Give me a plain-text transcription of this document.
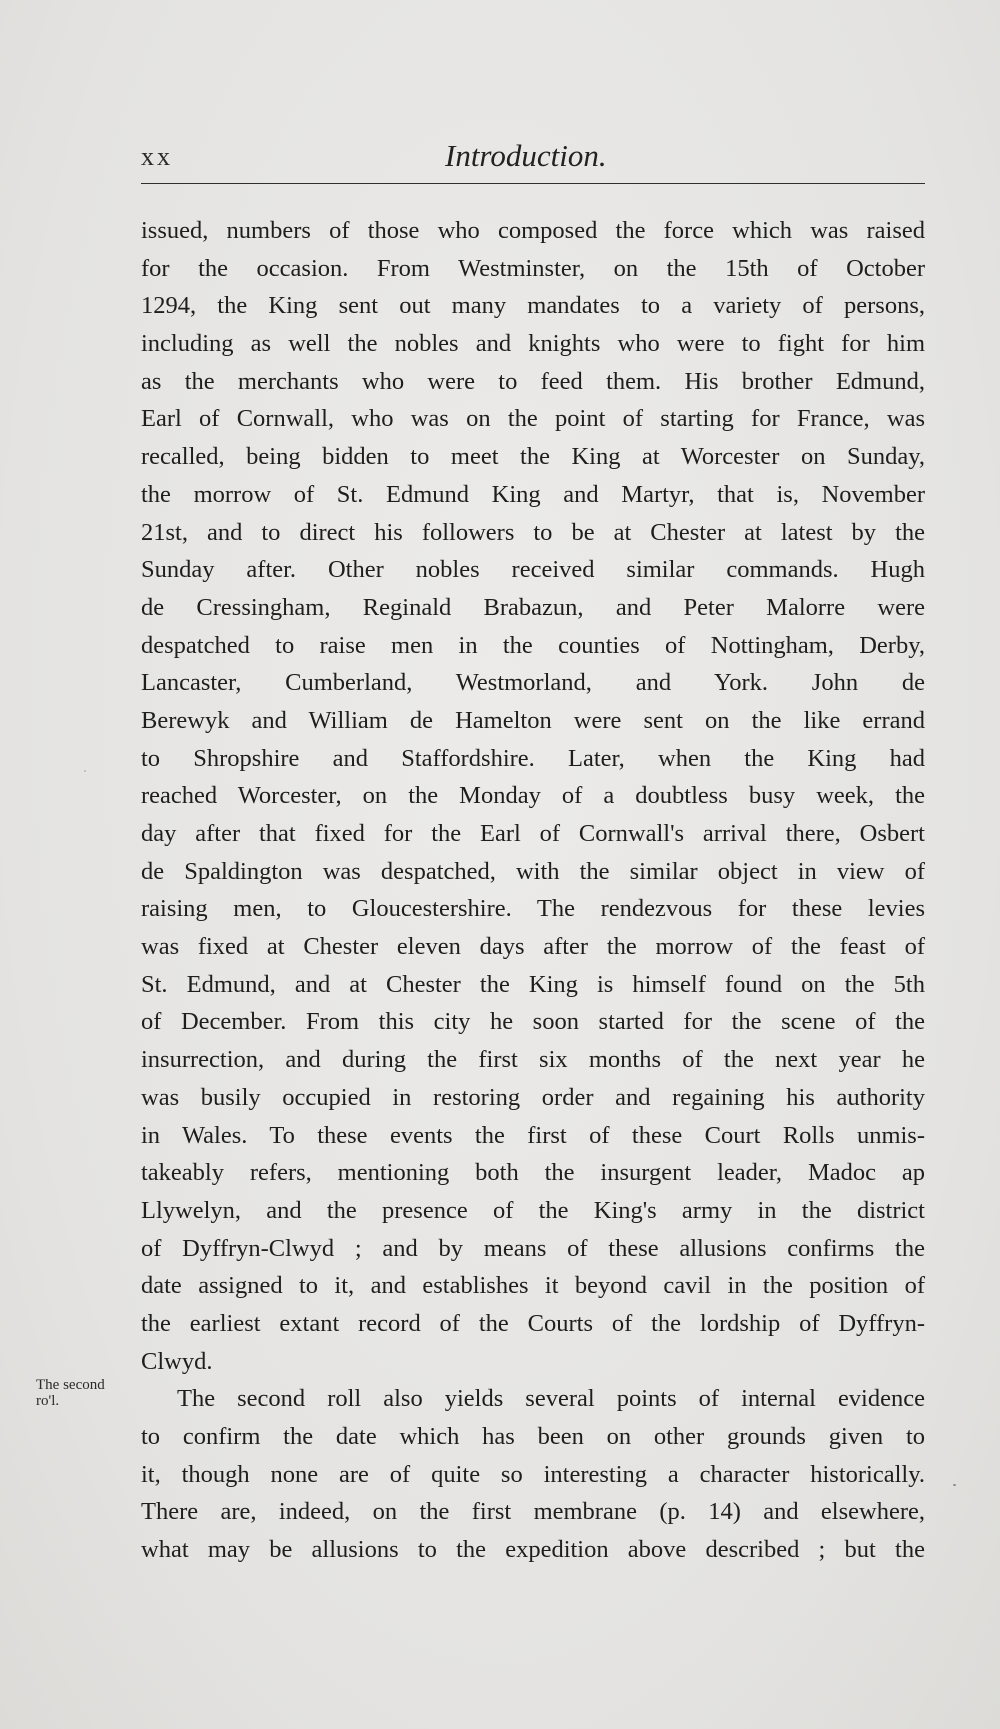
xx	Introduction.
The second
ro'l.
issued, numbers of those who composed the force which was raised
for the occasion. From Westminster, on the 15th of October
1294, the King sent out many mandates to a variety of persons,
including as well the nobles and knights who were to fight for him
as the merchants who were to feed them. His brother Edmund,
Earl of Cornwall, who was on the point of starting for France, was
recalled, being bidden to meet the King at Worcester on Sunday,
the morrow of St. Edmund King and Martyr, that is, November
21st, and to direct his followers to be at Chester at latest by the
Sunday after. Other nobles received similar commands. Hugh
de Cressingham, Reginald Brabazun, and Peter Malorre were
despatched to raise men in the counties of Nottingham, Derby,
Lancaster, Cumberland, Westmorland, and York. John de
Berewyk and William de Hamelton were sent on the like errand
to Shropshire and Staffordshire. Later, when the King had
reached Worcester, on the Monday of a doubtless busy week, the
day after that fixed for the Earl of Cornwall's arrival there, Osbert
de Spaldington was despatched, with the similar object in view of
raising men, to Gloucestershire. The rendezvous for these levies
was fixed at Chester eleven days after the morrow of the feast of
St. Edmund, and at Chester the King is himself found on the 5th
of December. From this city he soon started for the scene of the
insurrection, and during the first six months of the next year he
was busily occupied in restoring order and regaining his authority
in Wales. To these events the first of these Court Rolls unmis-
takeably refers, mentioning both the insurgent leader, Madoc ap
Llywelyn, and the presence of the King's army in the district
of Dyffryn-Clwyd ; and by means of these allusions confirms the
date assigned to it, and establishes it beyond cavil in the position of
the earliest extant record of the Courts of the lordship of Dyffryn-
Clwyd.
The second roll also yields several points of internal evidence
to confirm the date which has been on other grounds given to
it, though none are of quite so interesting a character historically.
There are, indeed, on the first membrane (p. 14) and elsewhere,
what may be allusions to the expedition above described ; but the
